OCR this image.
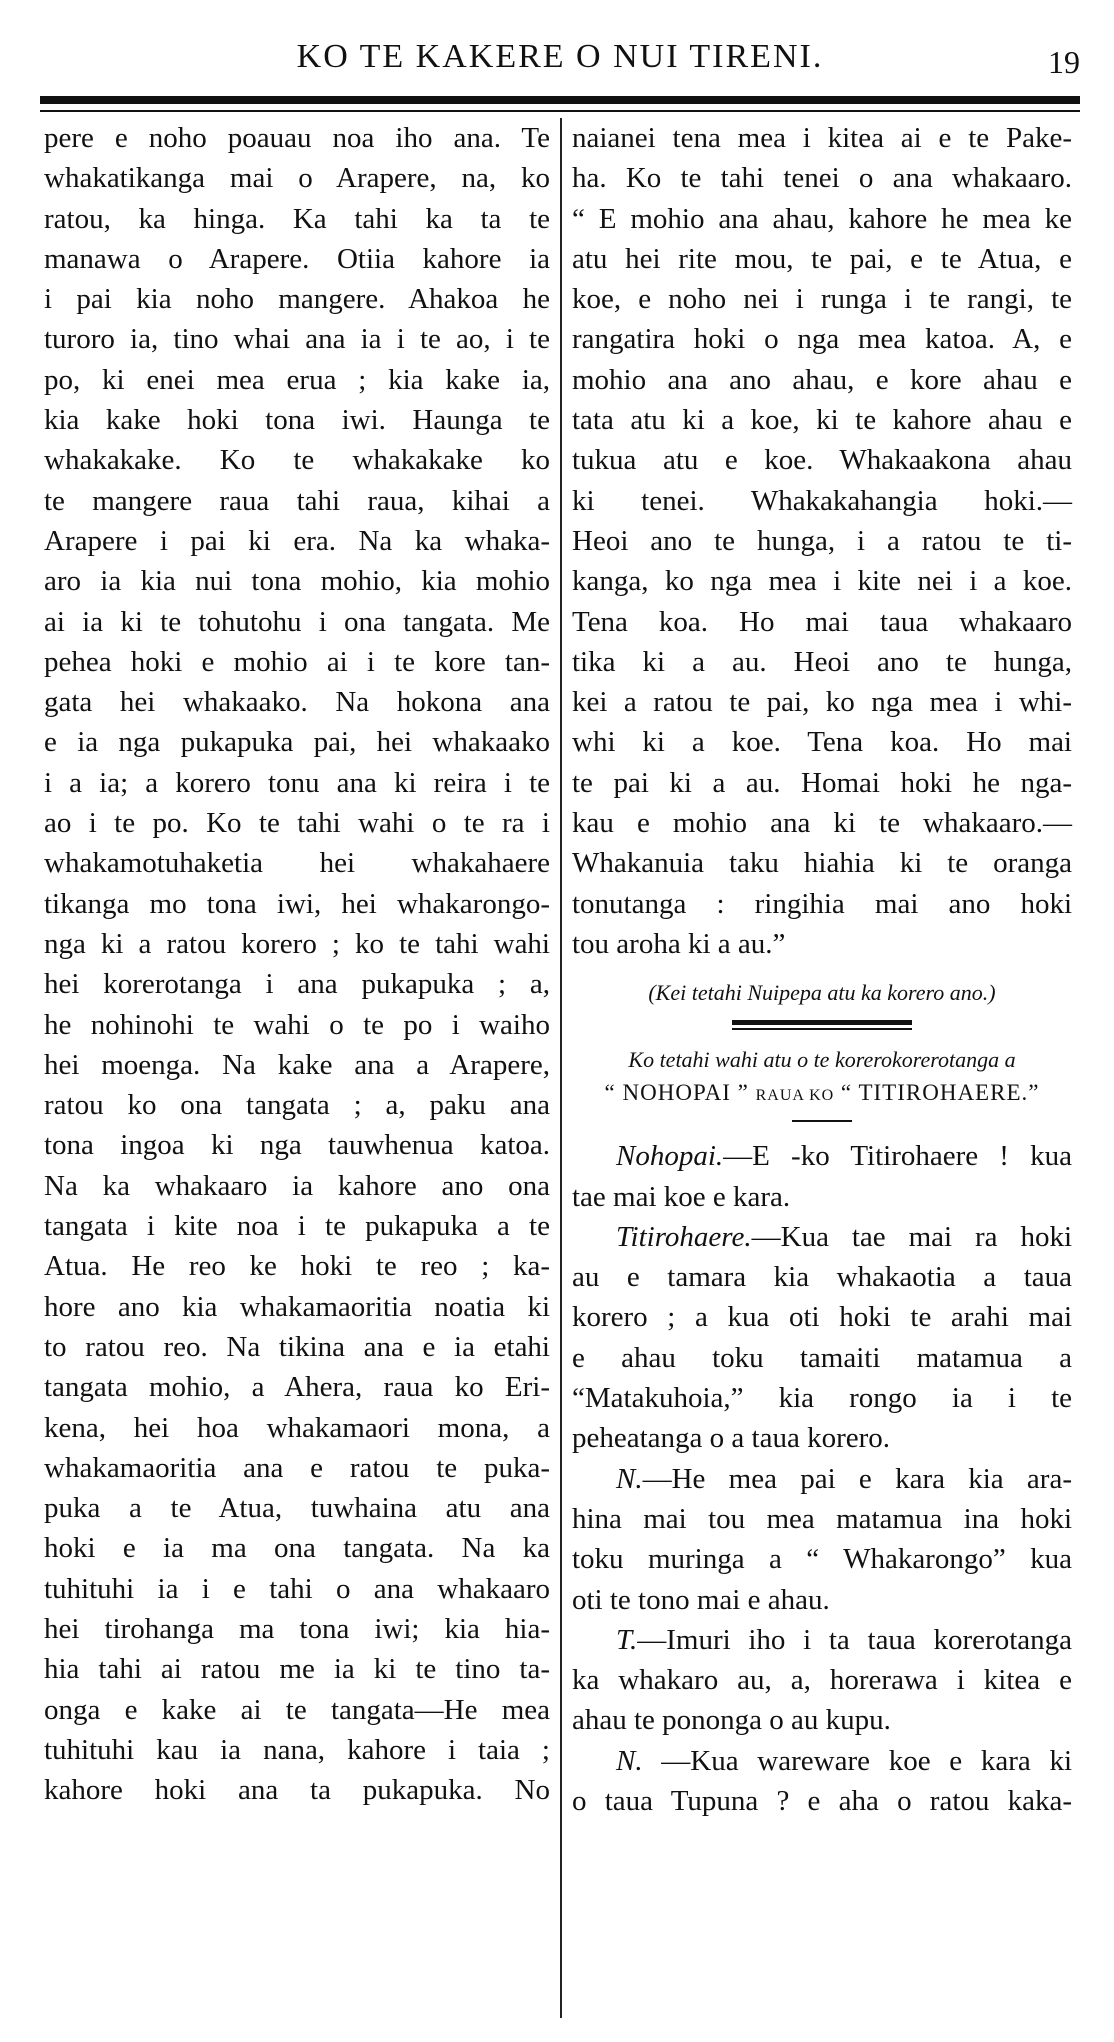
KO TE KAKERE O NUI TIRENI.	19
pere e noho poauau noa iho ana. Te
whakatikanga mai o Arapere, na, ko
ratou, ka hinga. Ka tahi ka ta te
manawa o Arapere. Otiia kahore ia
i pai kia noho mangere. Ahakoa he
turoro ia, tino whai ana ia i te ao, i te
po, ki enei mea erua ; kia kake ia,
kia kake hoki tona iwi. Haunga te
whakakake. Ko te whakakake ko
te mangere raua tahi raua, kihai a
Arapere i pai ki era. Na ka whaka-
aro ia kia nui tona mohio, kia mohio
ai ia ki te tohutohu i ona tangata. Me
pehea hoki e mohio ai i te kore tan-
gata hei whakaako. Na hokona ana
e ia nga pukapuka pai, hei whakaako
i a ia; a korero tonu ana ki reira i te
ao i te po. Ko te tahi wahi o te ra i
whakamotuhaketia hei whakahaere
tikanga mo tona iwi, hei whakarongo-
nga ki a ratou korero ; ko te tahi wahi
hei korerotanga i ana pukapuka ; a,
he nohinohi te wahi o te po i waiho
hei moenga. Na kake ana a Arapere,
ratou ko ona tangata ; a, paku ana
tona ingoa ki nga tauwhenua katoa.
Na ka whakaaro ia kahore ano ona
tangata i kite noa i te pukapuka a te
Atua. He reo ke hoki te reo ; ka-
hore ano kia whakamaoritia noatia ki
to ratou reo. Na tikina ana e ia etahi
tangata mohio, a Ahera, raua ko Eri-
kena, hei hoa whakamaori mona, a
whakamaoritia ana e ratou te puka-
puka a te Atua, tuwhaina atu ana
hoki e ia ma ona tangata. Na ka
tuhituhi ia i e tahi o ana whakaaro
hei tirohanga ma tona iwi; kia hia-
hia tahi ai ratou me ia ki te tino ta-
onga e kake ai te tangata—He mea
tuhituhi kau ia nana, kahore i taia ;
kahore hoki ana ta pukapuka. No
naianei tena mea i kitea ai e te Pake-
ha. Ko te tahi tenei o ana whakaaro.
“ E mohio ana ahau, kahore he mea ke
atu hei rite mou, te pai, e te Atua, e
koe, e noho nei i runga i te rangi, te
rangatira hoki o nga mea katoa. A, e
mohio ana ano ahau, e kore ahau e
tata atu ki a koe, ki te kahore ahau e
tukua atu e koe. Whakaakona ahau
ki tenei. Whakakahangia hoki.—
Heoi ano te hunga, i a ratou te ti-
kanga, ko nga mea i kite nei i a koe.
Tena koa. Ho mai taua whakaaro
tika ki a au. Heoi ano te hunga,
kei a ratou te pai, ko nga mea i whi-
whi ki a koe. Tena koa. Ho mai
te pai ki a au. Homai hoki he nga-
kau e mohio ana ki te whakaaro.—
Whakanuia taku hiahia ki te oranga
tonutanga : ringihia mai ano hoki
tou aroha ki a au.”
(Kei tetahi Nuipepa atu ka korero ano.)
Ko tetahi wahi atu o te korerokorerotanga a
“ NOHOPAI ” RAUA KO “ TITIROHAERE.”
Nohopai.—E -ko Titirohaere ! kua
tae mai koe e kara.
Titirohaere.—Kua tae mai ra hoki
au e tamara kia whakaotia a taua
korero ; a kua oti hoki te arahi mai
e ahau toku tamaiti matamua a
“Matakuhoia,” kia rongo ia i te
peheatanga o a taua korero.
N.—He mea pai e kara kia ara-
hina mai tou mea matamua ina hoki
toku muringa a “ Whakarongo” kua
oti te tono mai e ahau.
T.—Imuri iho i ta taua korerotanga
ka whakaro au, a, horerawa i kitea e
ahau te pononga o au kupu.
N. —Kua wareware koe e kara ki
o taua Tupuna ? e aha o ratou kaka-
